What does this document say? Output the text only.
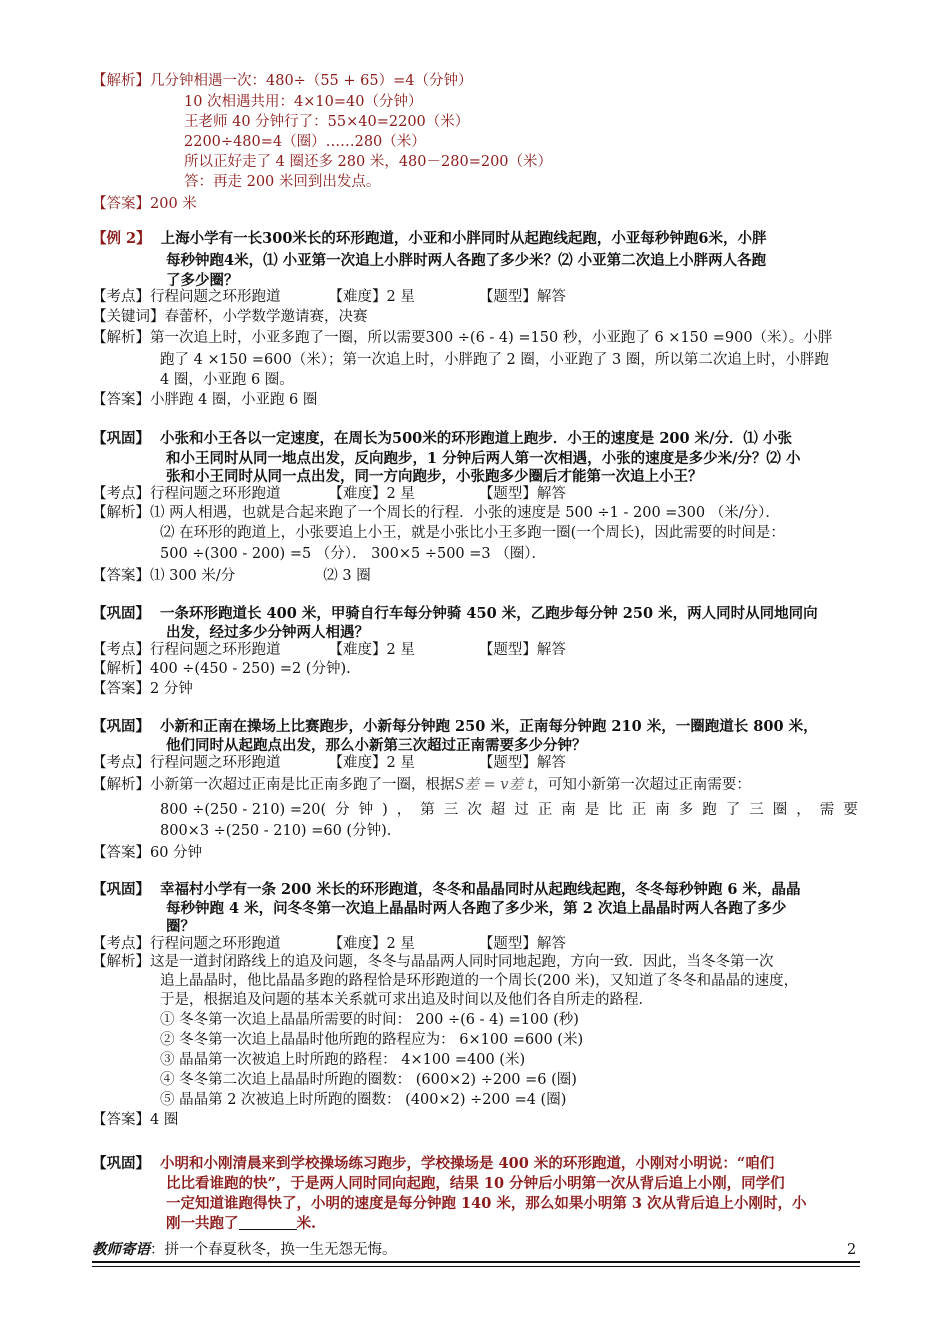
【解析】几分钟相遇一次：480÷（55 + 65）=4（分钟）
10 次相遇共用：4×10=40（分钟）
王老师 40 分钟行了：55×40=2200（米）
2200÷480=4（圈）……280（米）
所以正好走了 4 圈还多 280 米，480－280=200（米）
答：再走 200 米回到出发点。
【答案】200 米
【例 2】 上海小学有一长300米长的环形跑道，小亚和小胖同时从起跑线起跑，小亚每秒钟跑6米，小胖
每秒钟跑4米，⑴ 小亚第一次追上小胖时两人各跑了多少米？⑵ 小亚第二次追上小胖两人各跑
了多少圈？
【考点】行程问题之环形跑道	【难度】2 星	【题型】解答
【关键词】春蕾杯，小学数学邀请赛，决赛
【解析】第一次追上时，小亚多跑了一圈，所以需要300 ÷(6 - 4) =150 秒，小亚跑了 6 ×150 =900（米）。小胖
跑了 4 ×150 =600（米）；第一次追上时，小胖跑了 2 圈，小亚跑了 3 圈，所以第二次追上时，小胖跑
4 圈，小亚跑 6 圈。
【答案】小胖跑 4 圈，小亚跑 6 圈
【巩固】 小张和小王各以一定速度，在周长为500米的环形跑道上跑步．小王的速度是 200 米/分．⑴ 小张
和小王同时从同一地点出发，反向跑步，1 分钟后两人第一次相遇，小张的速度是多少米/分？⑵ 小
张和小王同时从同一点出发，同一方向跑步，小张跑多少圈后才能第一次追上小王？
【考点】行程问题之环形跑道	【难度】2 星	【题型】解答
【解析】⑴ 两人相遇，也就是合起来跑了一个周长的行程．小张的速度是 500 ÷1 - 200 =300 （米/分）．
⑵ 在环形的跑道上，小张要追上小王，就是小张比小王多跑一圈(一个周长)，因此需要的时间是：
500 ÷(300 - 200) =5 （分）． 300×5 ÷500 =3 （圈）．
【答案】⑴ 300 米/分	⑵ 3 圈
【巩固】 一条环形跑道长 400 米，甲骑自行车每分钟骑 450 米，乙跑步每分钟 250 米，两人同时从同地同向
出发，经过多少分钟两人相遇？
【考点】行程问题之环形跑道	【难度】2 星	【题型】解答
【解析】400 ÷(450 - 250) =2 (分钟).
【答案】2 分钟
【巩固】 小新和正南在操场上比赛跑步，小新每分钟跑 250 米，正南每分钟跑 210 米，一圈跑道长 800 米，
他们同时从起跑点出发，那么小新第三次超过正南需要多少分钟？
【考点】行程问题之环形跑道	【难度】2 星	【题型】解答
【解析】小新第一次超过正南是比正南多跑了一圈，根据S差 = v差 t，可知小新第一次超过正南需要：
800 ÷(250 - 210) =20(分钟)，第三次超过正南是比正南多跑了三圈，需要
800×3 ÷(250 - 210) =60 (分钟).
【答案】60 分钟
【巩固】 幸福村小学有一条 200 米长的环形跑道，冬冬和晶晶同时从起跑线起跑，冬冬每秒钟跑 6 米，晶晶
每秒钟跑 4 米，问冬冬第一次追上晶晶时两人各跑了多少米，第 2 次追上晶晶时两人各跑了多少
圈？
【考点】行程问题之环形跑道	【难度】2 星	【题型】解答
【解析】这是一道封闭路线上的追及问题，冬冬与晶晶两人同时同地起跑，方向一致．因此，当冬冬第一次
追上晶晶时，他比晶晶多跑的路程恰是环形跑道的一个周长(200 米)，又知道了冬冬和晶晶的速度，
于是，根据追及问题的基本关系就可求出追及时间以及他们各自所走的路程．
① 冬冬第一次追上晶晶所需要的时间： 200 ÷(6 - 4) =100 (秒)
② 冬冬第一次追上晶晶时他所跑的路程应为： 6×100 =600 (米)
③ 晶晶第一次被追上时所跑的路程： 4×100 =400 (米)
④ 冬冬第二次追上晶晶时所跑的圈数： (600×2) ÷200 =6 (圈)
⑤ 晶晶第 2 次被追上时所跑的圈数： (400×2) ÷200 =4 (圈)
【答案】4 圈
【巩固】 小明和小刚清晨来到学校操场练习跑步，学校操场是 400 米的环形跑道，小刚对小明说：“咱们
比比看谁跑的快”，于是两人同时同向起跑，结果 10 分钟后小明第一次从背后追上小刚，同学们
一定知道谁跑得快了，小明的速度是每分钟跑 140 米，那么如果小明第 3 次从背后追上小刚时，小
刚一共跑了	米.
教师寄语：拼一个春夏秋冬，换一生无怨无悔。	2
